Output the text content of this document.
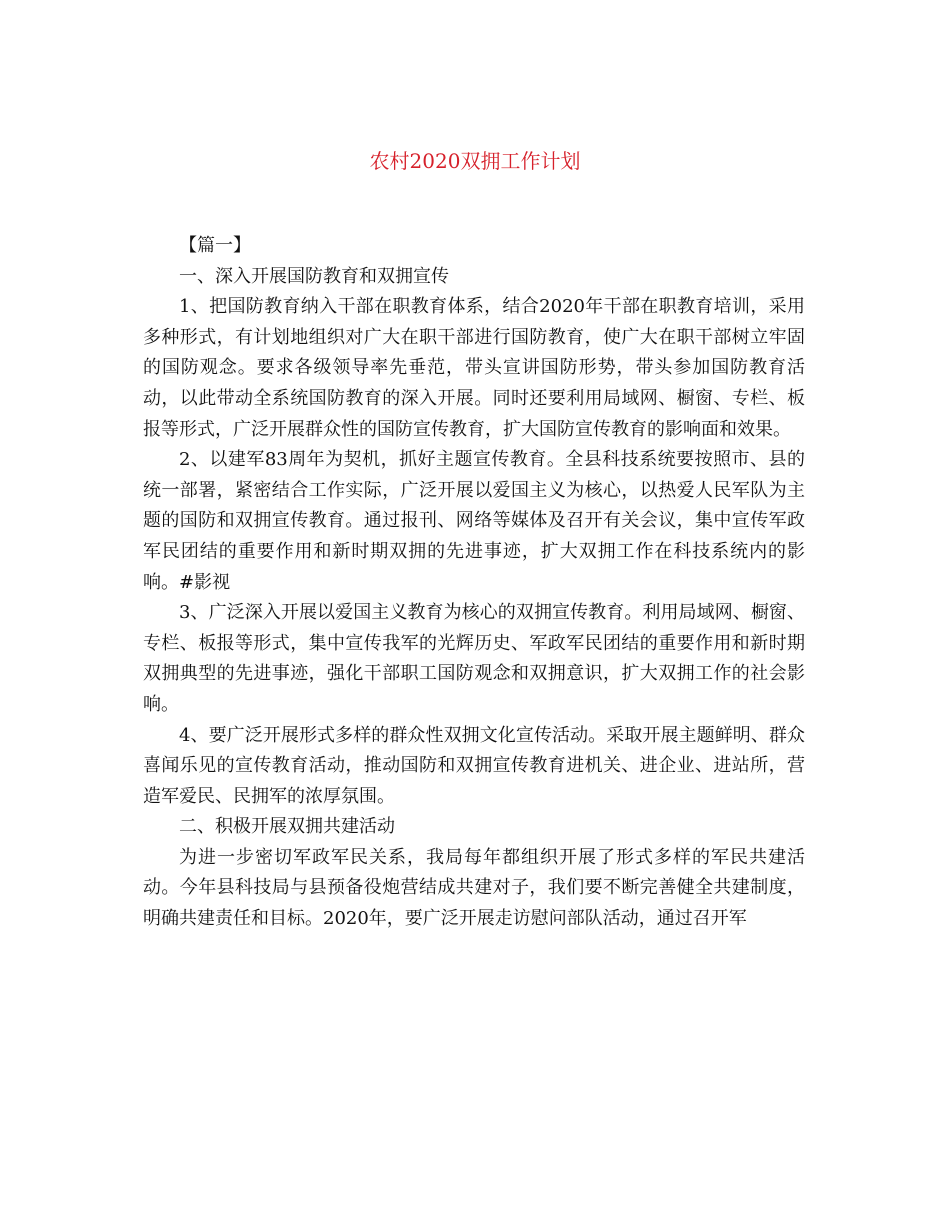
农村2020双拥工作计划

【篇一】

一、深入开展国防教育和双拥宣传

1、把国防教育纳入干部在职教育体系，结合2020年干部在职教育培训，采用多种形式，有计划地组织对广大在职干部进行国防教育，使广大在职干部树立牢固的国防观念。要求各级领导率先垂范，带头宣讲国防形势，带头参加国防教育活动，以此带动全系统国防教育的深入开展。同时还要利用局域网、橱窗、专栏、板报等形式，广泛开展群众性的国防宣传教育，扩大国防宣传教育的影响面和效果。

2、以建军83周年为契机，抓好主题宣传教育。全县科技系统要按照市、县的统一部署，紧密结合工作实际，广泛开展以爱国主义为核心，以热爱人民军队为主题的国防和双拥宣传教育。通过报刊、网络等媒体及召开有关会议，集中宣传军政军民团结的重要作用和新时期双拥的先进事迹，扩大双拥工作在科技系统内的影响。#影视

3、广泛深入开展以爱国主义教育为核心的双拥宣传教育。利用局域网、橱窗、专栏、板报等形式，集中宣传我军的光辉历史、军政军民团结的重要作用和新时期双拥典型的先进事迹，强化干部职工国防观念和双拥意识，扩大双拥工作的社会影响。

4、要广泛开展形式多样的群众性双拥文化宣传活动。采取开展主题鲜明、群众喜闻乐见的宣传教育活动，推动国防和双拥宣传教育进机关、进企业、进站所，营造军爱民、民拥军的浓厚氛围。

二、积极开展双拥共建活动

为进一步密切军政军民关系，我局每年都组织开展了形式多样的军民共建活动。今年县科技局与县预备役炮营结成共建对子，我们要不断完善健全共建制度，明确共建责任和目标。2020年，要广泛开展走访慰问部队活动，通过召开军
